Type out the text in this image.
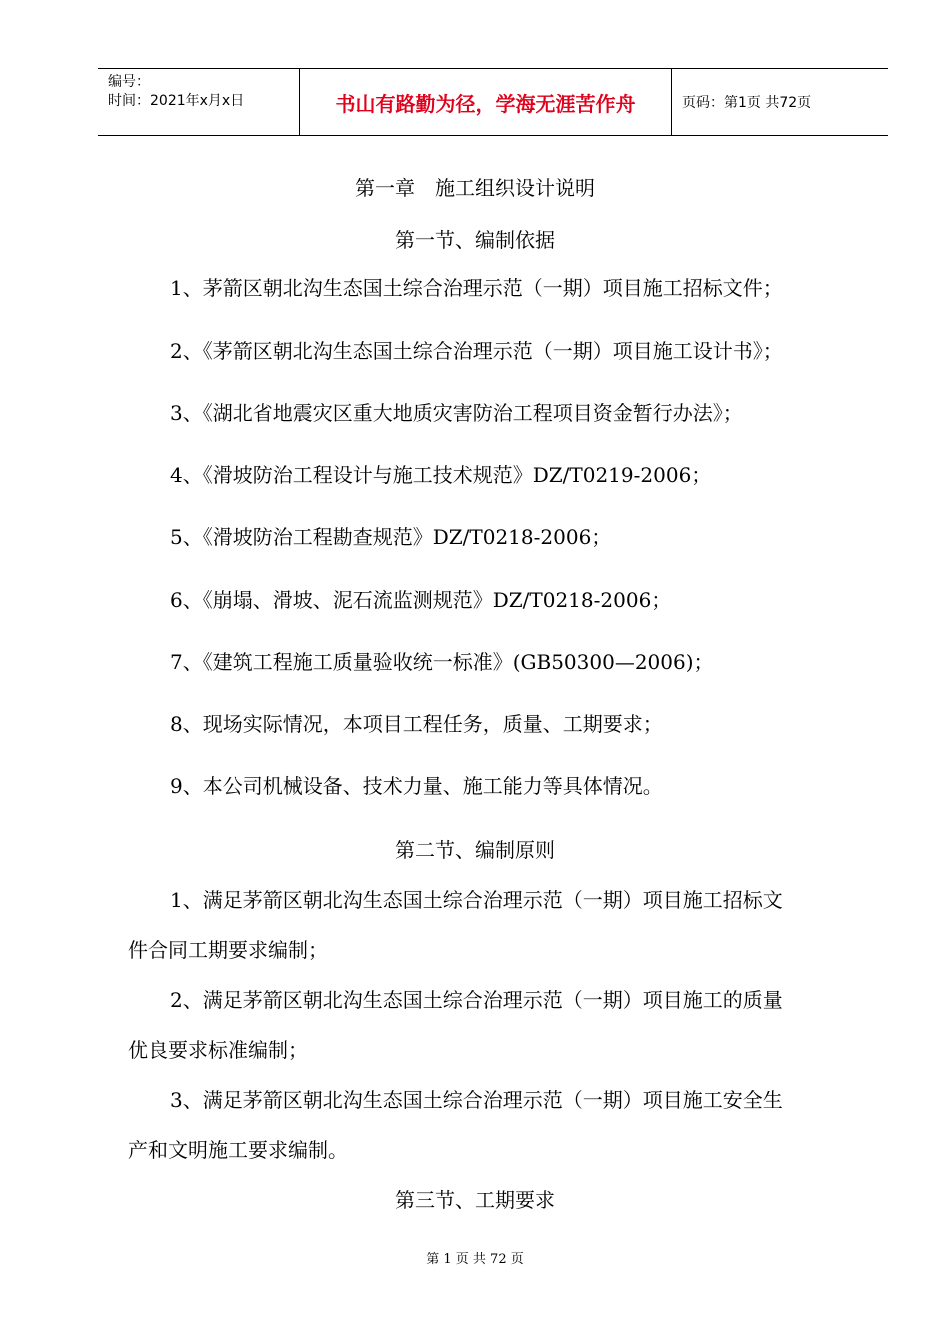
编号：
时间：2021年x月x日	书山有路勤为径，学海无涯苦作舟	页码：第1页 共72页
第一章　施工组织设计说明
第一节、编制依据
1、茅箭区朝北沟生态国土综合治理示范（一期）项目施工招标文件；
2、《茅箭区朝北沟生态国土综合治理示范（一期）项目施工设计书》；
3、《湖北省地震灾区重大地质灾害防治工程项目资金暂行办法》；
4、《滑坡防治工程设计与施工技术规范》DZ/T0219-2006；
5、《滑坡防治工程勘查规范》DZ/T0218-2006；
6、《崩塌、滑坡、泥石流监测规范》DZ/T0218-2006；
7、《建筑工程施工质量验收统一标准》(GB50300—2006)；
8、现场实际情况，本项目工程任务，质量、工期要求；
9、本公司机械设备、技术力量、施工能力等具体情况。
第二节、编制原则
1、满足茅箭区朝北沟生态国土综合治理示范（一期）项目施工招标文
件合同工期要求编制；
2、满足茅箭区朝北沟生态国土综合治理示范（一期）项目施工的质量
优良要求标准编制；
3、满足茅箭区朝北沟生态国土综合治理示范（一期）项目施工安全生
产和文明施工要求编制。
第三节、工期要求
第 1 页 共 72 页
